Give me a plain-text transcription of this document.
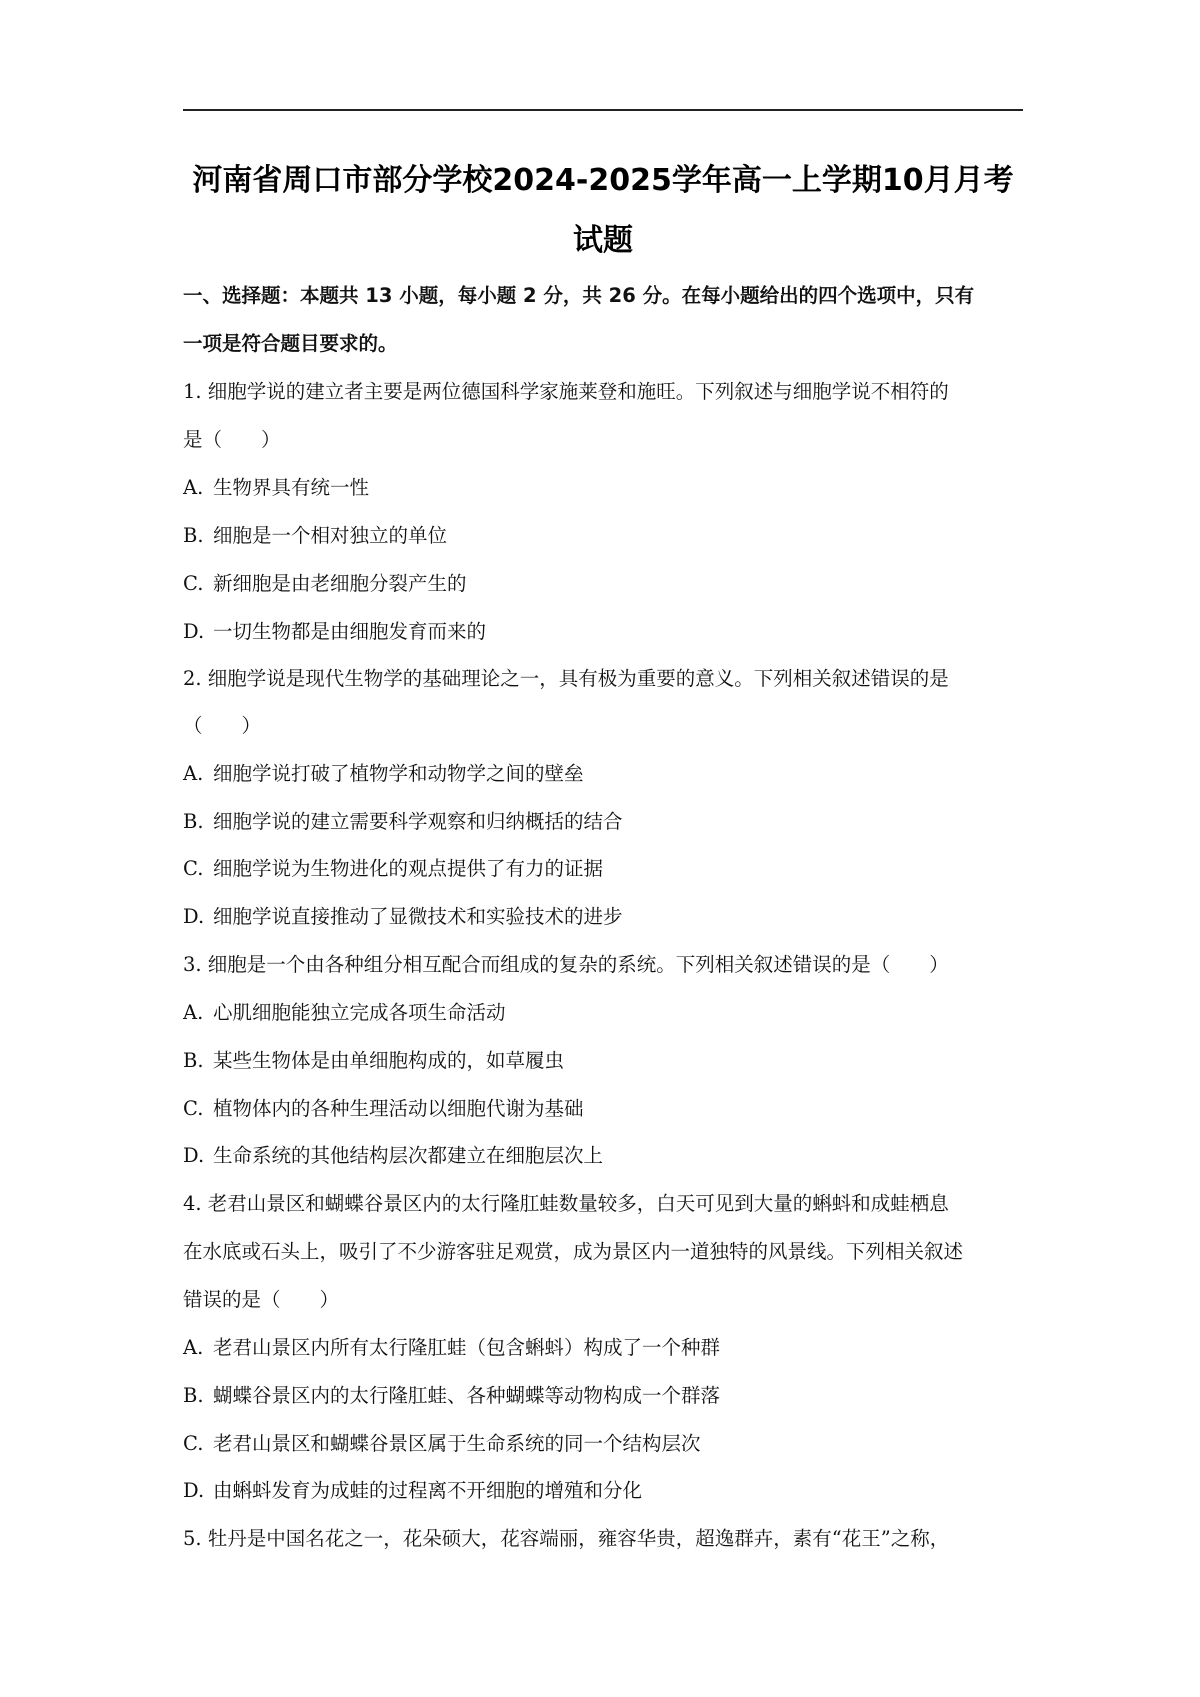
河南省周口市部分学校2024-2025学年高一上学期10月月考
试题
一、选择题：本题共 13 小题，每小题 2 分，共 26 分。在每小题给出的四个选项中，只有
一项是符合题目要求的。
1. 细胞学说的建立者主要是两位德国科学家施莱登和施旺。下列叙述与细胞学说不相符的
是（　　）
A. 生物界具有统一性
B. 细胞是一个相对独立的单位
C. 新细胞是由老细胞分裂产生的
D. 一切生物都是由细胞发育而来的
2. 细胞学说是现代生物学的基础理论之一，具有极为重要的意义。下列相关叙述错误的是
（　　）
A. 细胞学说打破了植物学和动物学之间的壁垒
B. 细胞学说的建立需要科学观察和归纳概括的结合
C. 细胞学说为生物进化的观点提供了有力的证据
D. 细胞学说直接推动了显微技术和实验技术的进步
3. 细胞是一个由各种组分相互配合而组成的复杂的系统。下列相关叙述错误的是（　　）
A. 心肌细胞能独立完成各项生命活动
B. 某些生物体是由单细胞构成的，如草履虫
C. 植物体内的各种生理活动以细胞代谢为基础
D. 生命系统的其他结构层次都建立在细胞层次上
4. 老君山景区和蝴蝶谷景区内的太行隆肛蛙数量较多，白天可见到大量的蝌蚪和成蛙栖息
在水底或石头上，吸引了不少游客驻足观赏，成为景区内一道独特的风景线。下列相关叙述
错误的是（　　）
A. 老君山景区内所有太行隆肛蛙（包含蝌蚪）构成了一个种群
B. 蝴蝶谷景区内的太行隆肛蛙、各种蝴蝶等动物构成一个群落
C. 老君山景区和蝴蝶谷景区属于生命系统的同一个结构层次
D. 由蝌蚪发育为成蛙的过程离不开细胞的增殖和分化
5. 牡丹是中国名花之一，花朵硕大，花容端丽，雍容华贵，超逸群卉，素有“花王”之称，
